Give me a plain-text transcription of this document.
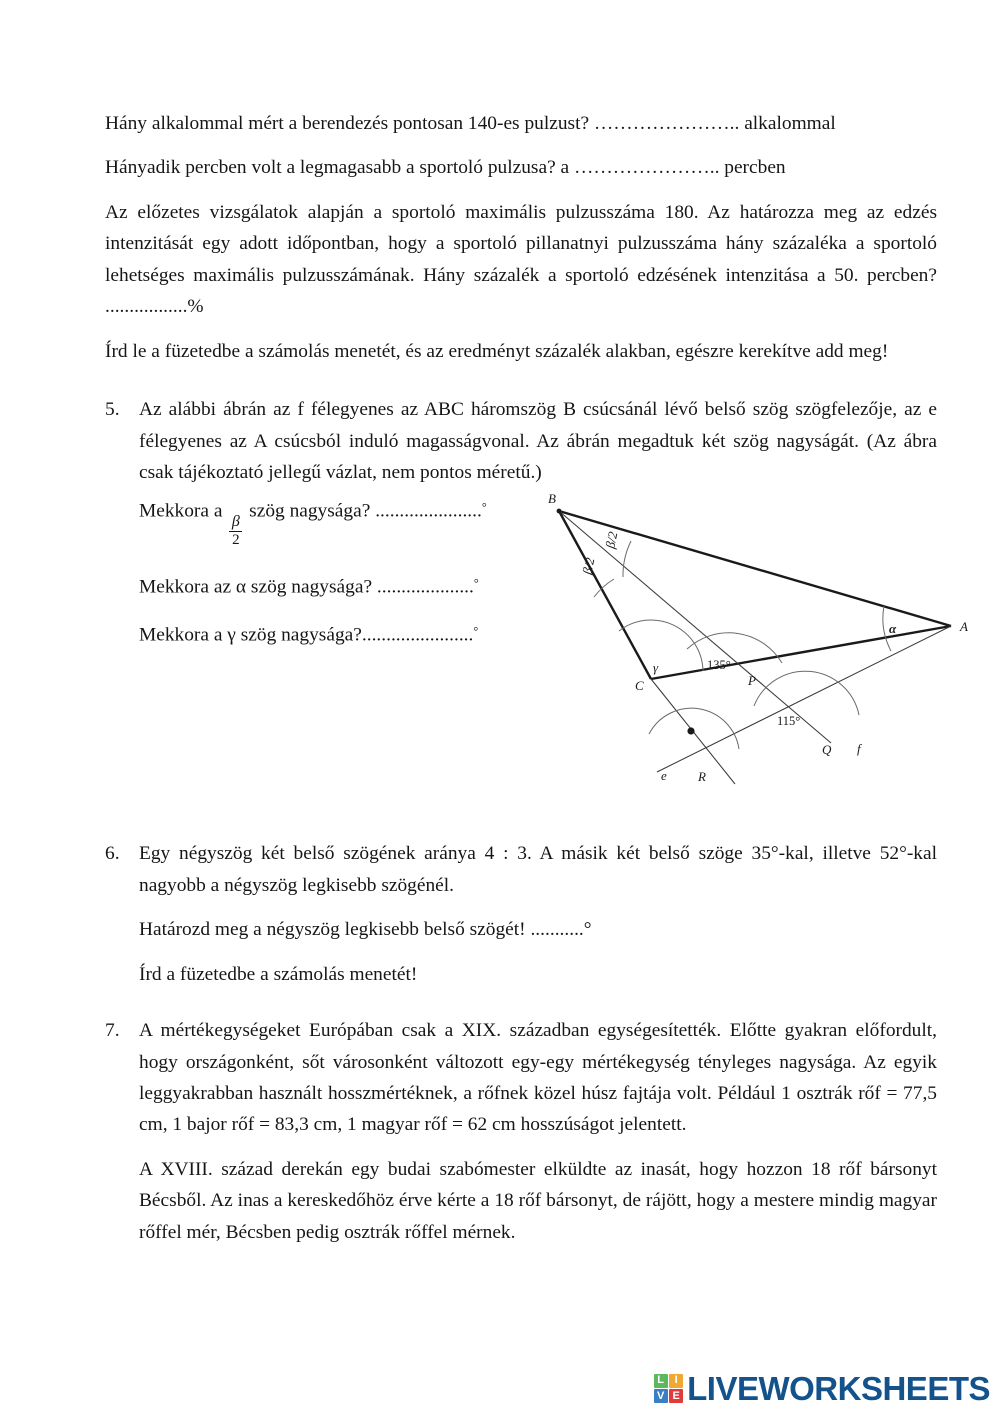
Hány alkalommal mért a berendezés pontosan 140-es pulzust? ………………….. alkalommal

Hányadik percben volt a legmagasabb a sportoló pulzusa? a ………………….. percben

Az előzetes vizsgálatok alapján a sportoló maximális pulzusszáma 180. Az határozza meg az edzés intenzitását egy adott időpontban, hogy a sportoló pillanatnyi pulzusszáma hány százaléka a sportoló lehetséges maximális pulzusszámának. Hány százalék a sportoló edzésének intenzitása a 50. percben? .................%

Írd le a füzetedbe a számolás menetét, és az eredményt százalék alakban, egészre kerekítve add meg!

5. Az alábbi ábrán az f félegyenes az ABC háromszög B csúcsánál lévő belső szög szögfelezője, az e félegyenes az A csúcsból induló magasságvonal. Az ábrán megadtuk két szög nagyságát. (Az ábra csak tájékoztató jellegű vázlat, nem pontos méretű.)

Mekkora a
$\frac{\beta}{2}$
szög nagysága? ......................°
Mekkora az α szög nagysága? ....................°
Mekkora a γ szög nagysága?.......................°
B
A
C	P
Q
R
e
f
β/2
β/2
α
γ	135°
115°
6. Egy négyszög két belső szögének aránya 4 : 3. A másik két belső szöge 35°-kal, illetve 52°-kal nagyobb a négyszög legkisebb szögénél.

Határozd meg a négyszög legkisebb belső szögét! ...........°

Írd a füzetedbe a számolás menetét!

7. A mértékegységeket Európában csak a XIX. században egységesítették. Előtte gyakran előfordult, hogy országonként, sőt városonként változott egy-egy mértékegység tényleges nagysága. Az egyik leggyakrabban használt hosszmértéknek, a rőfnek közel húsz fajtája volt. Például 1 osztrák rőf = 77,5 cm, 1 bajor rőf = 83,3 cm, 1 magyar rőf = 62 cm hosszúságot jelentett.

A XVIII. század derekán egy budai szabómester elküldte az inasát, hogy hozzon 18 rőf bársonyt Bécsből. Az inas a kereskedőhöz érve kérte a 18 rőf bársonyt, de rájött, hogy a mestere mindig magyar rőffel mér, Bécsben pedig osztrák rőffel mérnek.

L I
V E LIVEWORKSHEETS
